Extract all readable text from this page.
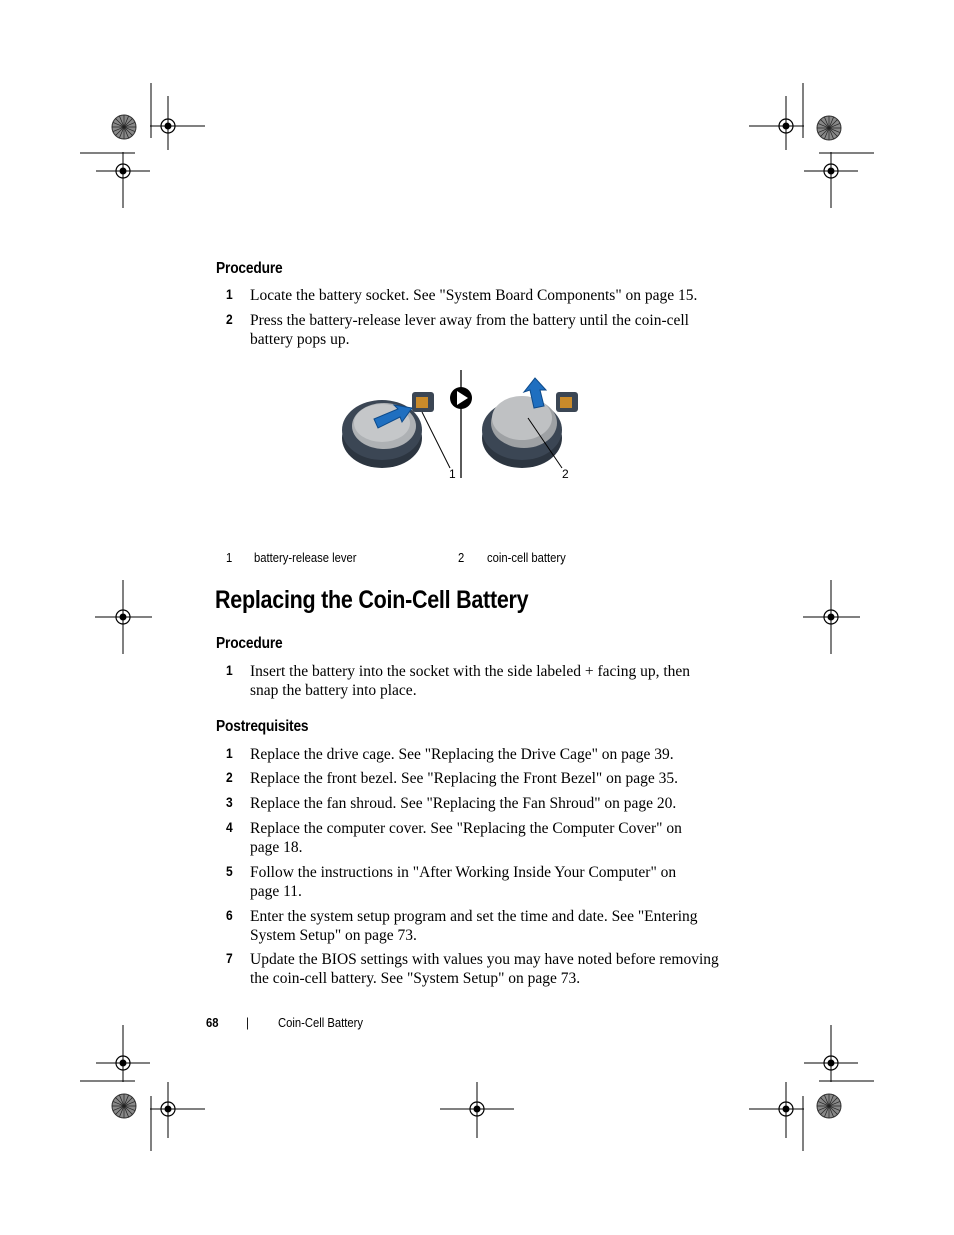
Procedure
1 Locate the battery socket. See "System Board Components" on page 15.
2 Press the battery-release lever away from the battery until the coin-cell battery pops up.
1	2
1 battery-release lever	2 coin-cell battery
Replacing the Coin-Cell Battery
Procedure
1 Insert the battery into the socket with the side labeled + facing up, then snap the battery into place.
Postrequisites
1 Replace the drive cage. See "Replacing the Drive Cage" on page 39.
2 Replace the front bezel. See "Replacing the Front Bezel" on page 35.
3 Replace the fan shroud. See "Replacing the Fan Shroud" on page 20.
4 Replace the computer cover. See "Replacing the Computer Cover" on page 18.
5 Follow the instructions in "After Working Inside Your Computer" on page 11.
6 Enter the system setup program and set the time and date. See "Entering System Setup" on page 73.
7 Update the BIOS settings with values you may have noted before removing the coin-cell battery. See "System Setup" on page 73.
68 | Coin-Cell Battery
